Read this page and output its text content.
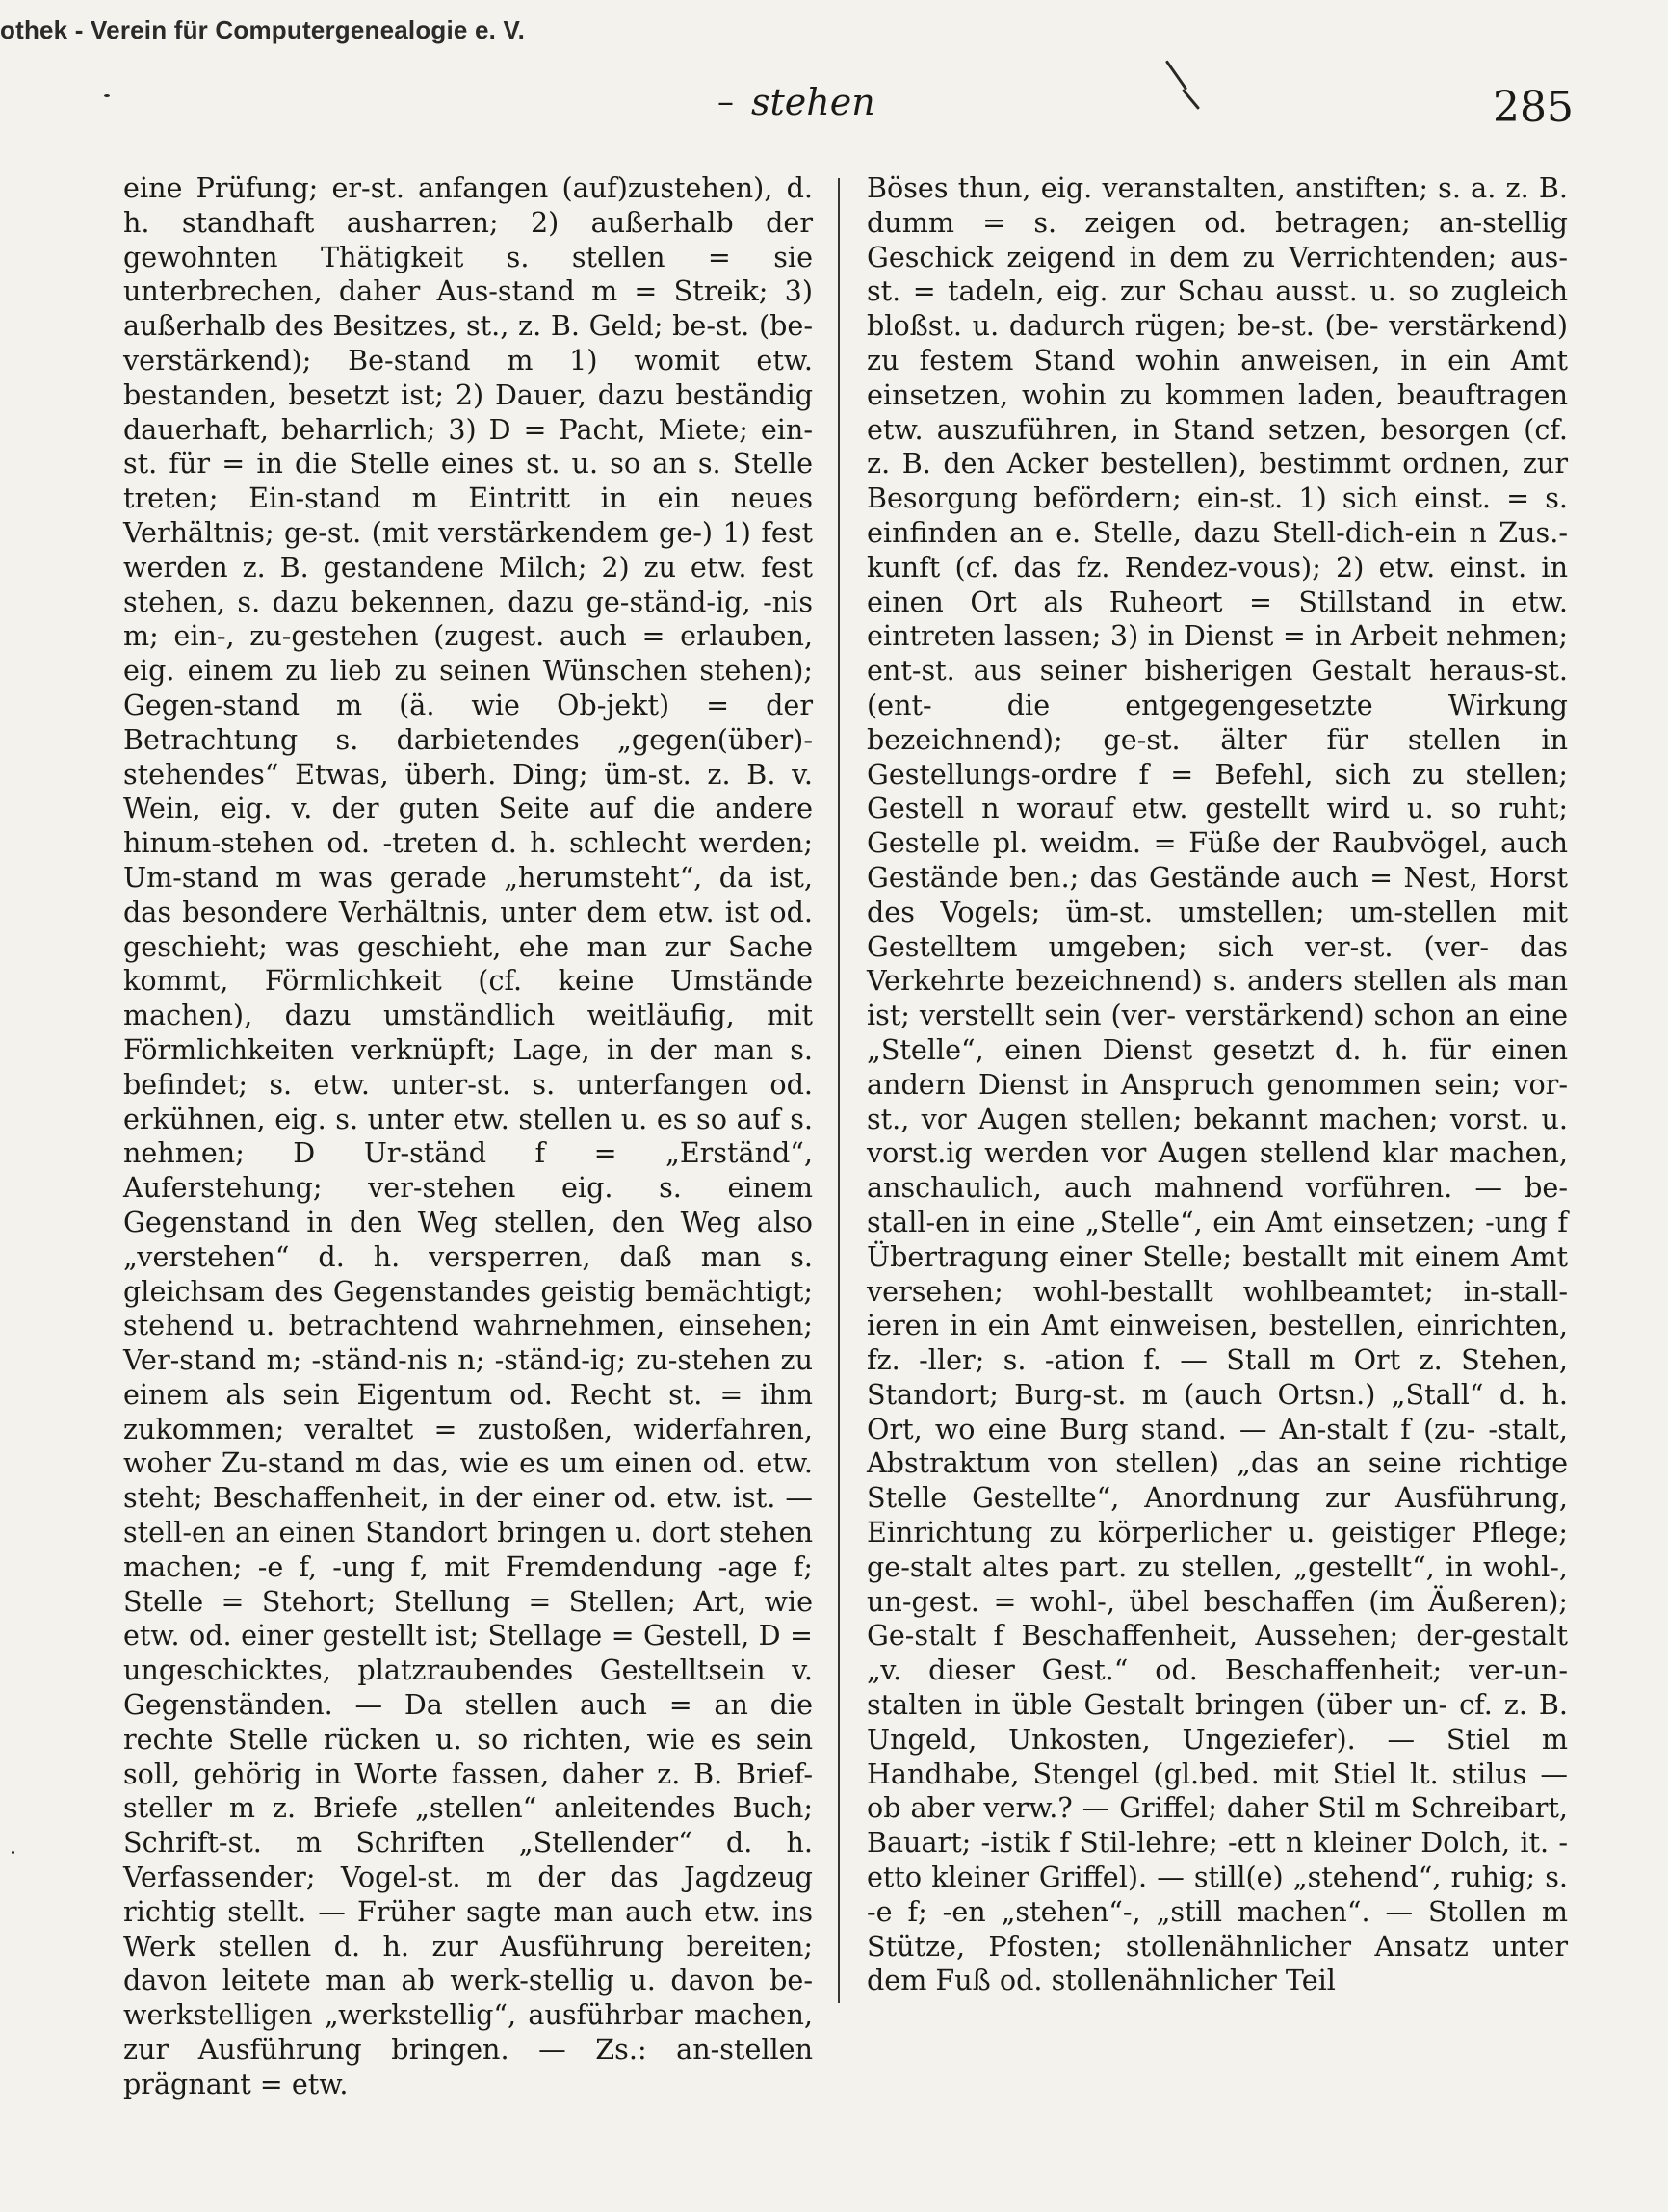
othek - Verein für Computergenealogie e. V.
– stehen	285

eine Prüfung; er-st. anfangen (auf)zustehen), d. h. standhaft ausharren; 2) außerhalb der gewohnten Thätigkeit s. stellen = sie unterbrechen, daher Aus-stand m = Streik; 3) außerhalb des Besitzes, st., z. B. Geld; be-st. (be- verstärkend); Be-stand m 1) womit etw. bestanden, besetzt ist; 2) Dauer, dazu beständig dauerhaft, beharrlich; 3) D = Pacht, Miete; ein-st. für = in die Stelle eines st. u. so an s. Stelle treten; Ein-stand m Eintritt in ein neues Verhältnis; ge-st. (mit verstärkendem ge-) 1) fest werden z. B. gestandene Milch; 2) zu etw. fest stehen, s. dazu bekennen, dazu ge-ständ-ig, -nis m; ein-, zu-gestehen (zugest. auch = erlauben, eig. einem zu lieb zu seinen Wünschen stehen); Gegen-stand m (ä. wie Ob-jekt) = der Betrachtung s. darbietendes „gegen(über)-stehendes“ Etwas, überh. Ding; üm-st. z. B. v. Wein, eig. v. der guten Seite auf die andere hinum-stehen od. -treten d. h. schlecht werden; Um-stand m was gerade „herumsteht“, da ist, das besondere Verhältnis, unter dem etw. ist od. geschieht; was geschieht, ehe man zur Sache kommt, Förmlichkeit (cf. keine Umstände machen), dazu umständlich weitläufig, mit Förmlichkeiten verknüpft; Lage, in der man s. befindet; s. etw. unter-st. s. unterfangen od. erkühnen, eig. s. unter etw. stellen u. es so auf s. nehmen; D Ur-ständ f = „Erständ“, Auferstehung; ver-stehen eig. s. einem Gegenstand in den Weg stellen, den Weg also „verstehen“ d. h. versperren, daß man s. gleichsam des Gegenstandes geistig bemächtigt; stehend u. betrachtend wahrnehmen, einsehen; Ver-stand m; -ständ-nis n; -ständ-ig; zu-stehen zu einem als sein Eigentum od. Recht st. = ihm zukommen; veraltet = zustoßen, widerfahren, woher Zu-stand m das, wie es um einen od. etw. steht; Beschaffenheit, in der einer od. etw. ist. — stell-en an einen Standort bringen u. dort stehen machen; -e f, -ung f, mit Fremdendung -age f; Stelle = Stehort; Stellung = Stellen; Art, wie etw. od. einer gestellt ist; Stellage = Gestell, D = ungeschicktes, platzraubendes Gestelltsein v. Gegenständen. — Da stellen auch = an die rechte Stelle rücken u. so richten, wie es sein soll, gehörig in Worte fassen, daher z. B. Brief-steller m z. Briefe „stellen“ anleitendes Buch; Schrift-st. m Schriften „Stellender“ d. h. Verfassender; Vogel-st. m der das Jagdzeug richtig stellt. — Früher sagte man auch etw. ins Werk stellen d. h. zur Ausführung bereiten; davon leitete man ab werk-stellig u. davon be-werkstelligen „werkstellig“, ausführbar machen, zur Ausführung bringen. — Zs.: an-stellen prägnant = etw.

Böses thun, eig. veranstalten, anstiften; s. a. z. B. dumm = s. zeigen od. betragen; an-stellig Geschick zeigend in dem zu Verrichtenden; aus-st. = tadeln, eig. zur Schau ausst. u. so zugleich bloßst. u. dadurch rügen; be-st. (be- verstärkend) zu festem Stand wohin anweisen, in ein Amt einsetzen, wohin zu kommen laden, beauftragen etw. auszuführen, in Stand setzen, besorgen (cf. z. B. den Acker bestellen), bestimmt ordnen, zur Besorgung befördern; ein-st. 1) sich einst. = s. einfinden an e. Stelle, dazu Stell-dich-ein n Zus.-kunft (cf. das fz. Rendez-vous); 2) etw. einst. in einen Ort als Ruheort = Stillstand in etw. eintreten lassen; 3) in Dienst = in Arbeit nehmen; ent-st. aus seiner bisherigen Gestalt heraus-st. (ent- die entgegengesetzte Wirkung bezeichnend); ge-st. älter für stellen in Gestellungs-ordre f = Befehl, sich zu stellen; Gestell n worauf etw. gestellt wird u. so ruht; Gestelle pl. weidm. = Füße der Raubvögel, auch Gestände ben.; das Gestände auch = Nest, Horst des Vogels; üm-st. umstellen; um-stellen mit Gestelltem umgeben; sich ver-st. (ver- das Verkehrte bezeichnend) s. anders stellen als man ist; verstellt sein (ver- verstärkend) schon an eine „Stelle“, einen Dienst gesetzt d. h. für einen andern Dienst in Anspruch genommen sein; vor-st., vor Augen stellen; bekannt machen; vorst. u. vorst.ig werden vor Augen stellend klar machen, anschaulich, auch mahnend vorführen. — be-stall-en in eine „Stelle“, ein Amt einsetzen; -ung f Übertragung einer Stelle; bestallt mit einem Amt versehen; wohl-bestallt wohlbeamtet; in-stall-ieren in ein Amt einweisen, bestellen, einrichten, fz. -ller; s. -ation f. — Stall m Ort z. Stehen, Standort; Burg-st. m (auch Ortsn.) „Stall“ d. h. Ort, wo eine Burg stand. — An-stalt f (zu- -stalt, Abstraktum von stellen) „das an seine richtige Stelle Gestellte“, Anordnung zur Ausführung, Einrichtung zu körperlicher u. geistiger Pflege; ge-stalt altes part. zu stellen, „gestellt“, in wohl-, un-gest. = wohl-, übel beschaffen (im Äußeren); Ge-stalt f Beschaffenheit, Aussehen; der-gestalt „v. dieser Gest.“ od. Beschaffenheit; ver-un-stalten in üble Gestalt bringen (über un- cf. z. B. Ungeld, Unkosten, Ungeziefer). — Stiel m Handhabe, Stengel (gl.bed. mit Stiel lt. stilus — ob aber verw.? — Griffel; daher Stil m Schreibart, Bauart; -istik f Stil-lehre; -ett n kleiner Dolch, it. -etto kleiner Griffel). — still(e) „stehend“, ruhig; s. -e f; -en „stehen“-, „still machen“. — Stollen m Stütze, Pfosten; stollenähnlicher Ansatz unter dem Fuß od. stollenähnlicher Teil
